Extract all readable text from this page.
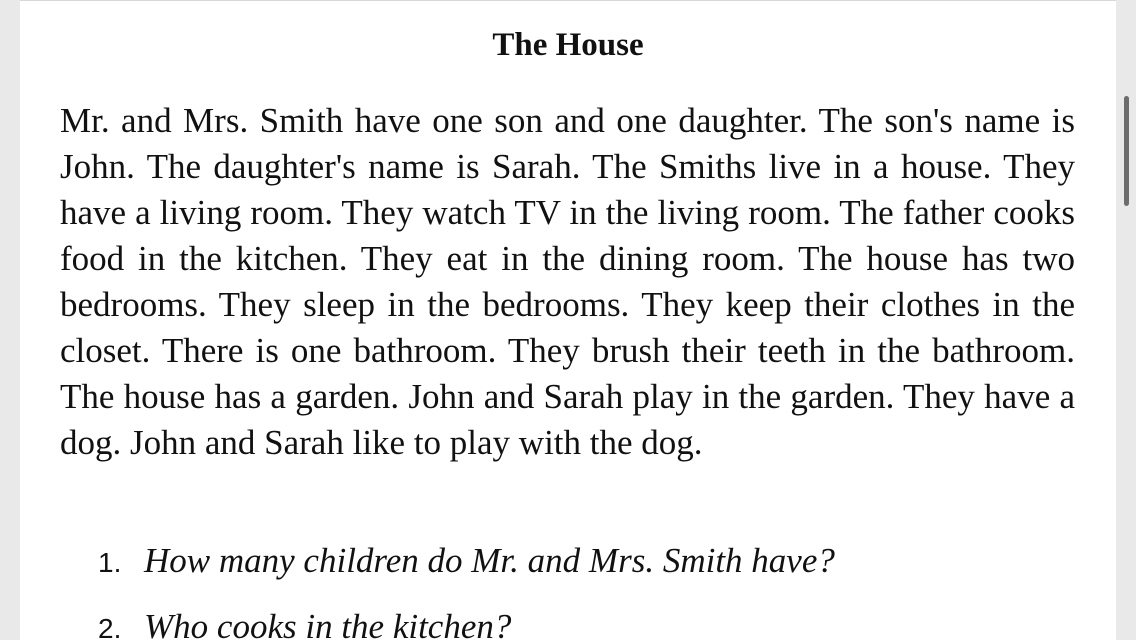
The House

Mr. and Mrs. Smith have one son and one daughter. The son's name is John. The daughter's name is Sarah. The Smiths live in a house. They have a living room. They watch TV in the living room. The father cooks food in the kitchen. They eat in the dining room. The house has two bedrooms. They sleep in the bedrooms. They keep their clothes in the closet. There is one bathroom. They brush their teeth in the bathroom. The house has a garden. John and Sarah play in the garden. They have a dog. John and Sarah like to play with the dog.

1. How many children do Mr. and Mrs. Smith have?
2. Who cooks in the kitchen?
